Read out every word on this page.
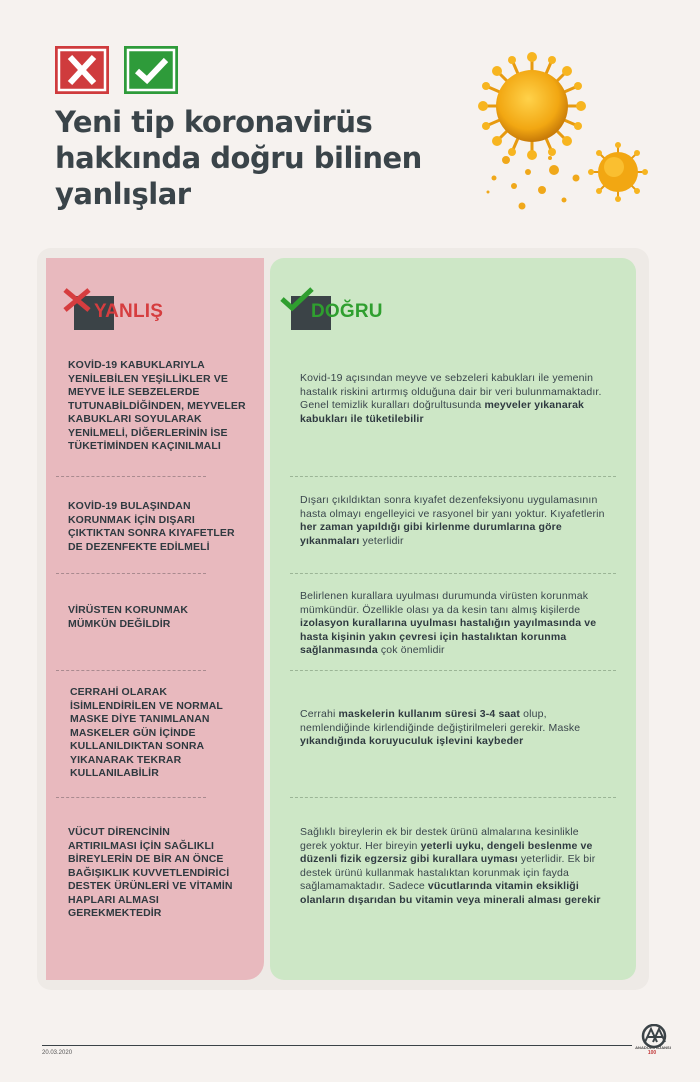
Yeni tip koronavirüs
hakkında doğru bilinen
yanlışlar
YANLIŞ	DOĞRU
KOVİD-19 KABUKLARIYLA YENİLEBİLEN YEŞİLLİKLER VE MEYVE İLE SEBZELERDE TUTUNABİLDİĞİNDEN, MEYVELER KABUKLARI SOYULARAK YENİLMELİ, DİĞERLERİNİN İSE TÜKETİMİNDEN KAÇINILMALI
Kovid-19 açısından meyve ve sebzeleri kabukları ile yemenin hastalık riskini artırmış olduğuna dair bir veri bulunmamaktadır. Genel temizlik kuralları doğrultusunda meyveler yıkanarak kabukları ile tüketilebilir
KOVİD-19 BULAŞINDAN KORUNMAK İÇİN DIŞARI ÇIKTIKTAN SONRA KIYAFETLER DE DEZENFEKTE EDİLMELİ
Dışarı çıkıldıktan sonra kıyafet dezenfeksiyonu uygulamasının hasta olmayı engelleyici ve rasyonel bir yanı yoktur. Kıyafetlerin her zaman yapıldığı gibi kirlenme durumlarına göre yıkanmaları yeterlidir
VİRÜSTEN KORUNMAK MÜMKÜN DEĞİLDİR
Belirlenen kurallara uyulması durumunda virüsten korunmak mümkündür. Özellikle olası ya da kesin tanı almış kişilerde izolasyon kurallarına uyulması hastalığın yayılmasında ve hasta kişinin yakın çevresi için hastalıktan korunma sağlanmasında çok önemlidir
CERRAHİ OLARAK İSİMLENDİRİLEN VE NORMAL MASKE DİYE TANIMLANAN MASKELER GÜN İÇİNDE KULLANILDIKTAN SONRA YIKANARAK TEKRAR KULLANILABİLİR
Cerrahi maskelerin kullanım süresi 3-4 saat olup, nemlendiğinde kirlendiğinde değiştirilmeleri gerekir. Maske yıkandığında koruyuculuk işlevini kaybeder
VÜCUT DİRENCİNİN ARTIRILMASI İÇİN SAĞLIKLI BİREYLERİN DE BİR AN ÖNCE BAĞIŞIKLIK KUVVETLENDİRİCİ DESTEK ÜRÜNLERİ VE VİTAMİN HAPLARI ALMASI GEREKMEKTEDİR
Sağlıklı bireylerin ek bir destek ürünü almalarına kesinlikle gerek yoktur. Her bireyin yeterli uyku, dengeli beslenme ve düzenli fizik egzersiz gibi kurallara uyması yeterlidir. Ek bir destek ürünü kullanmak hastalıktan korunmak için fayda sağlamamaktadır. Sadece vücutlarında vitamin eksikliği olanların dışarıdan bu vitamin veya minerali alması gerekir
20.03.2020
ANADOLU AJANSI
100
